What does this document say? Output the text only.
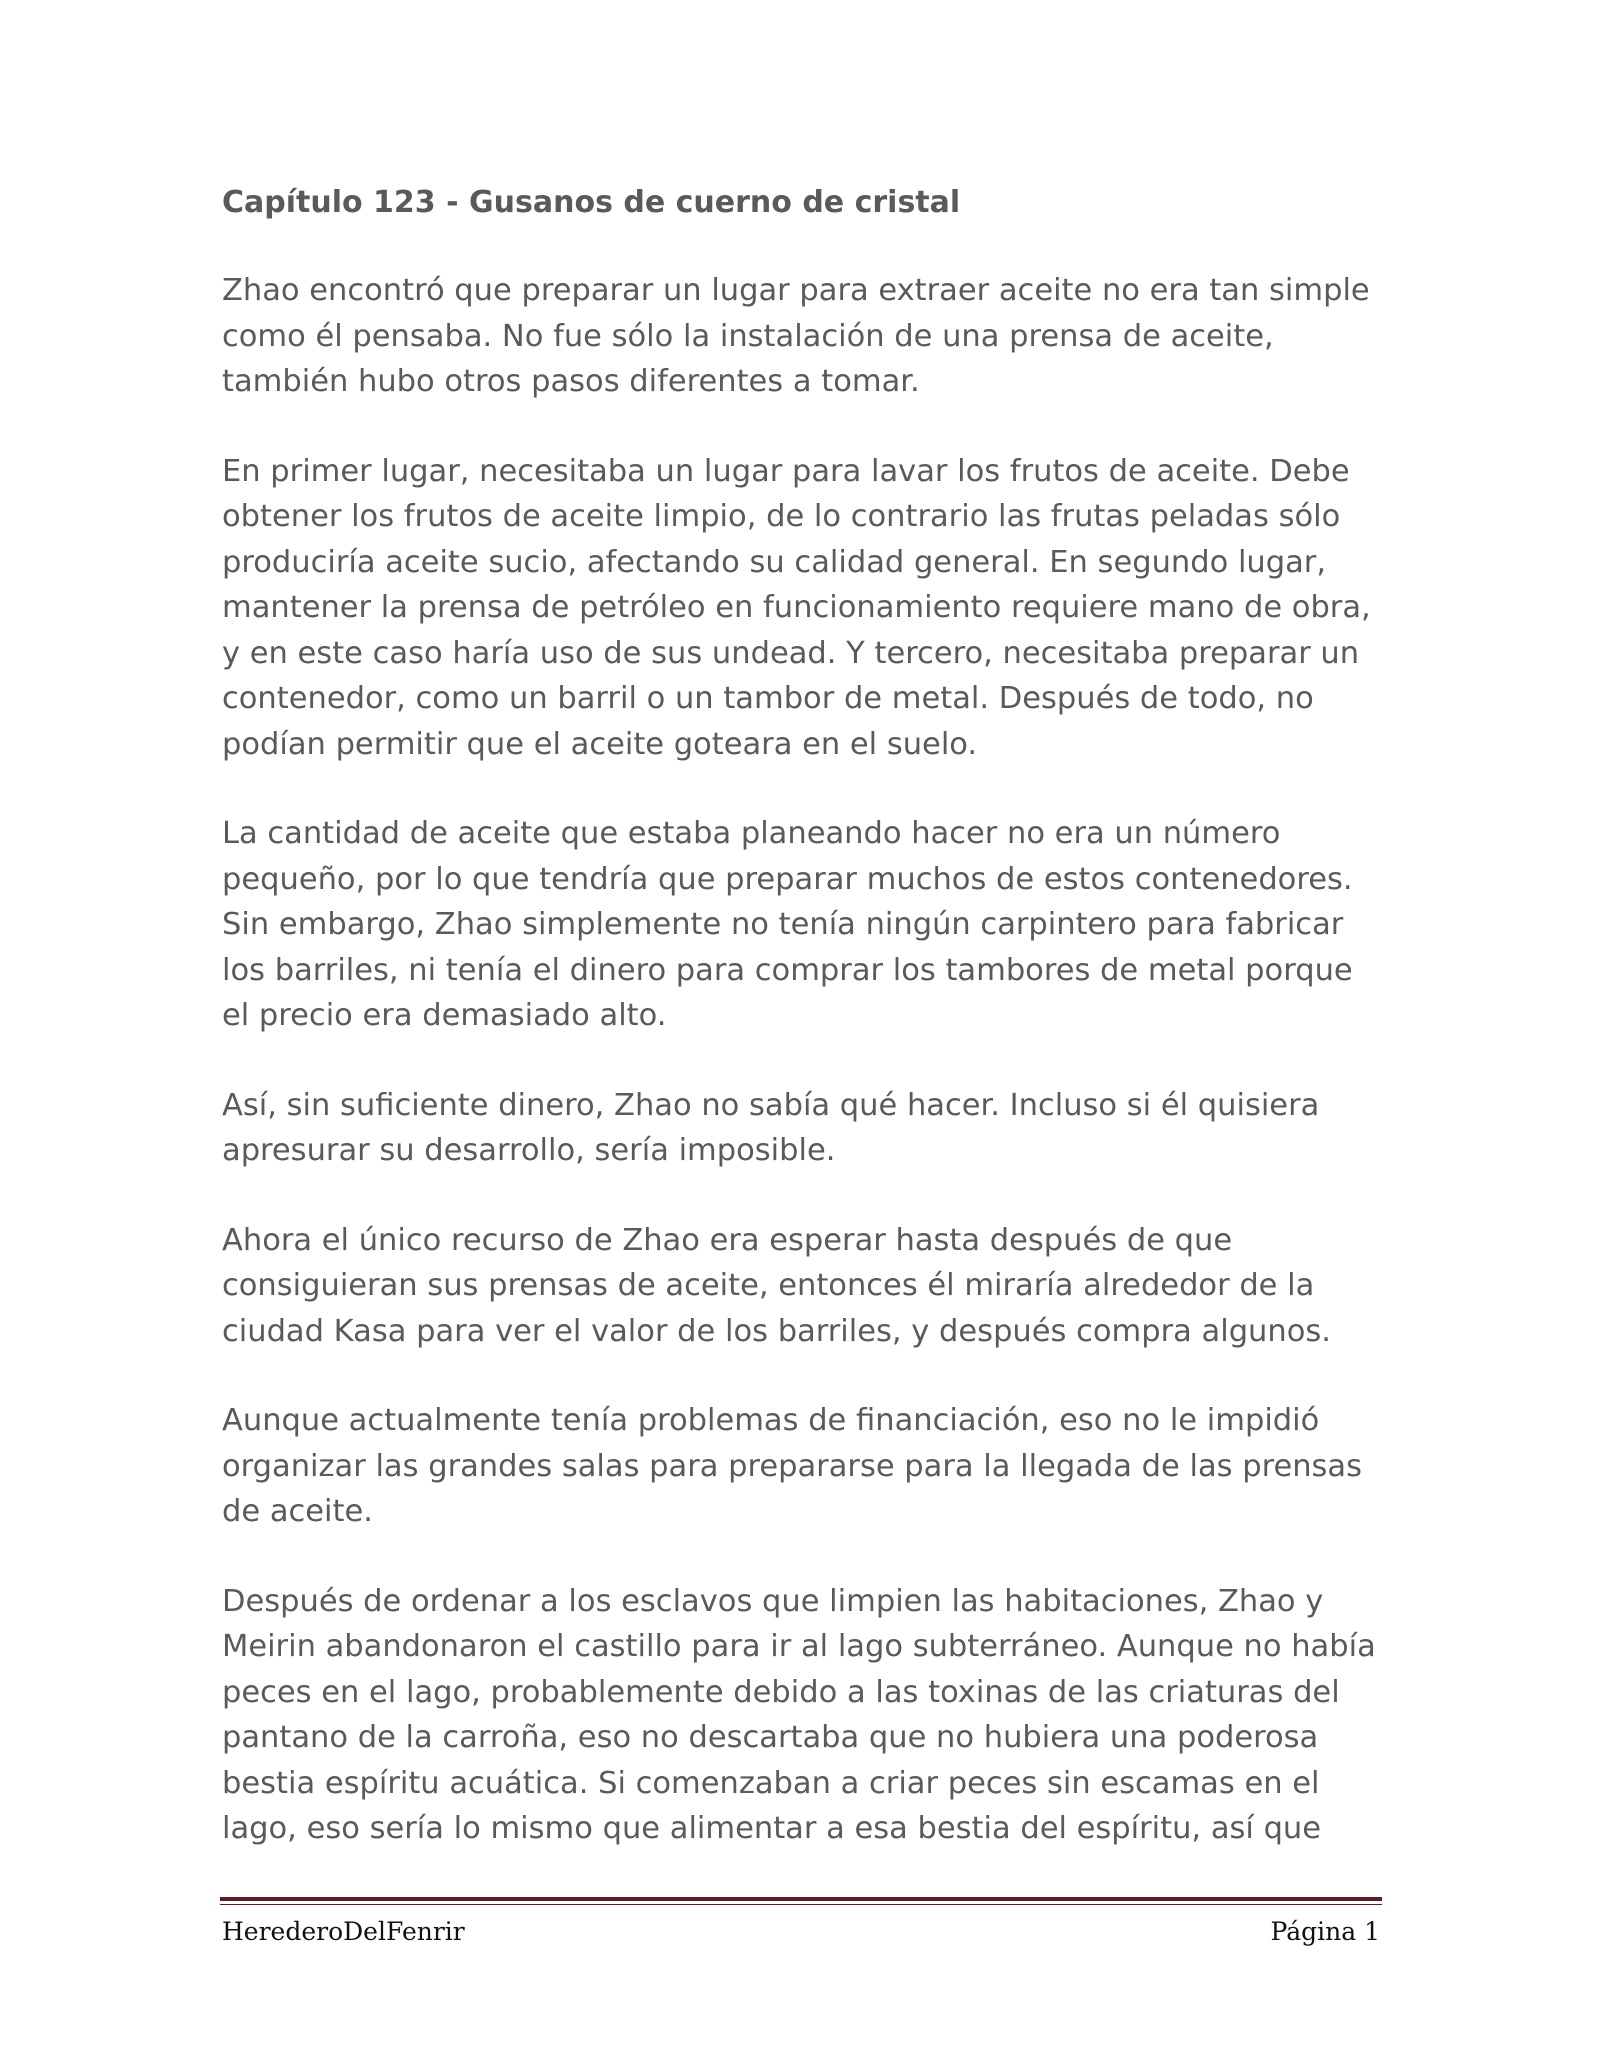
Capítulo 123 - Gusanos de cuerno de cristal

Zhao encontró que preparar un lugar para extraer aceite no era tan simple como él pensaba. No fue sólo la instalación de una prensa de aceite, también hubo otros pasos diferentes a tomar.

En primer lugar, necesitaba un lugar para lavar los frutos de aceite. Debe obtener los frutos de aceite limpio, de lo contrario las frutas peladas sólo produciría aceite sucio, afectando su calidad general. En segundo lugar, mantener la prensa de petróleo en funcionamiento requiere mano de obra, y en este caso haría uso de sus undead. Y tercero, necesitaba preparar un contenedor, como un barril o un tambor de metal. Después de todo, no podían permitir que el aceite goteara en el suelo.

La cantidad de aceite que estaba planeando hacer no era un número pequeño, por lo que tendría que preparar muchos de estos contenedores. Sin embargo, Zhao simplemente no tenía ningún carpintero para fabricar los barriles, ni tenía el dinero para comprar los tambores de metal porque el precio era demasiado alto.

Así, sin suficiente dinero, Zhao no sabía qué hacer. Incluso si él quisiera apresurar su desarrollo, sería imposible.

Ahora el único recurso de Zhao era esperar hasta después de que consiguieran sus prensas de aceite, entonces él miraría alrededor de la ciudad Kasa para ver el valor de los barriles, y después compra algunos.

Aunque actualmente tenía problemas de financiación, eso no le impidió organizar las grandes salas para prepararse para la llegada de las prensas de aceite.

Después de ordenar a los esclavos que limpien las habitaciones, Zhao y Meirin abandonaron el castillo para ir al lago subterráneo. Aunque no había peces en el lago, probablemente debido a las toxinas de las criaturas del pantano de la carroña, eso no descartaba que no hubiera una poderosa bestia espíritu acuática. Si comenzaban a criar peces sin escamas en el lago, eso sería lo mismo que alimentar a esa bestia del espíritu, así que

HerederoDelFenrir	Página 1
